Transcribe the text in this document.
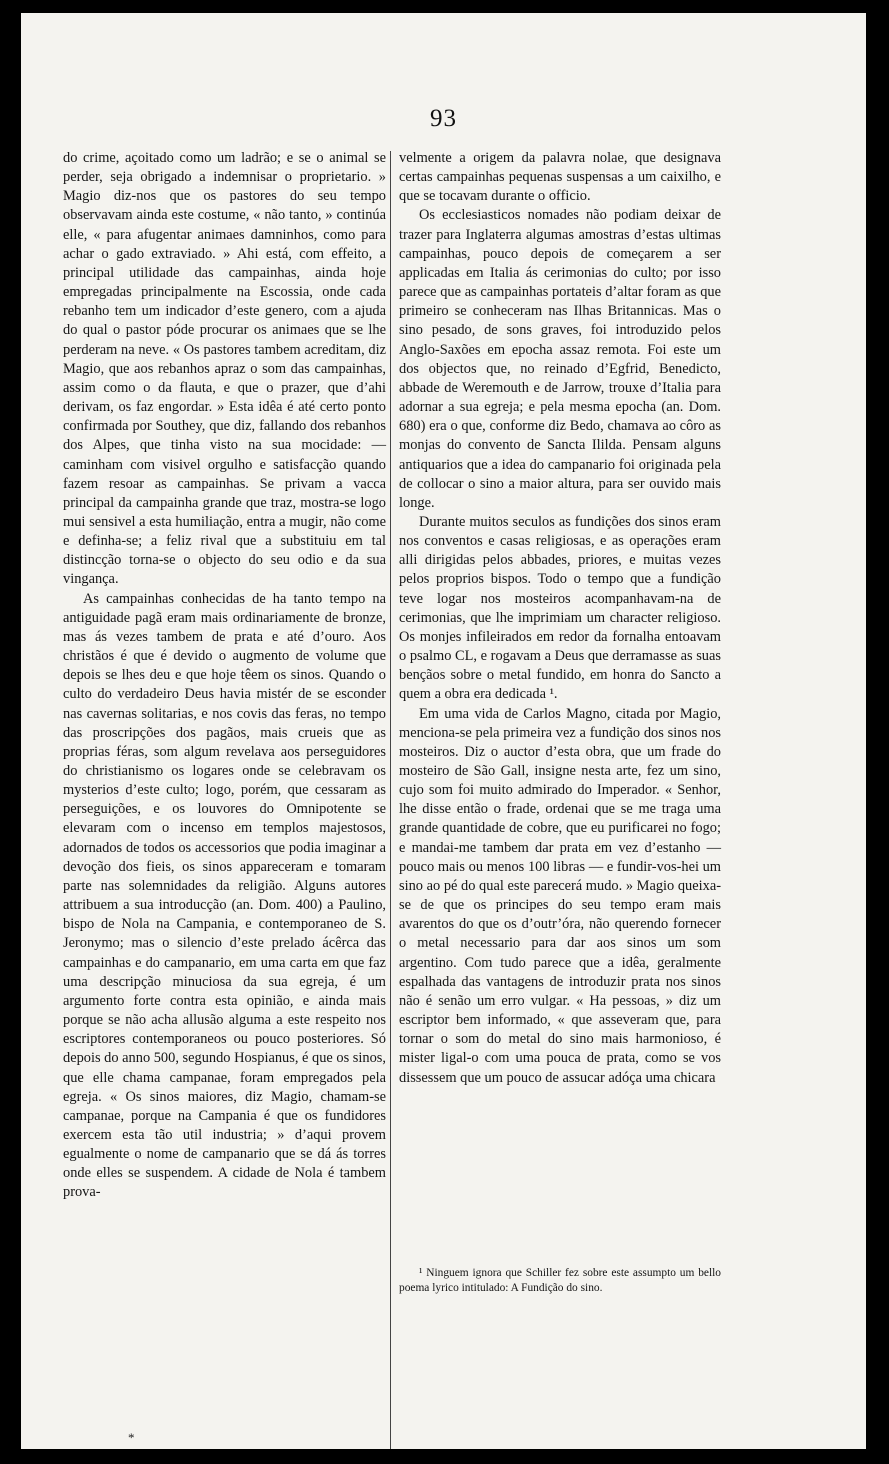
93

do crime, açoitado como um ladrão; e se o animal se perder, seja obrigado a indemnisar o proprietario. » Magio diz-nos que os pastores do seu tempo observavam ainda este costume, « não tanto, » continúa elle, « para afugentar animaes damninhos, como para achar o gado extraviado. » Ahi está, com effeito, a principal utilidade das campainhas, ainda hoje empregadas principalmente na Escossia, onde cada rebanho tem um indicador d’este genero, com a ajuda do qual o pastor póde procurar os animaes que se lhe perderam na neve. « Os pastores tambem acreditam, diz Magio, que aos rebanhos apraz o som das campainhas, assim como o da flauta, e que o prazer, que d’ahi derivam, os faz engordar. » Esta idêa é até certo ponto confirmada por Southey, que diz, fallando dos rebanhos dos Alpes, que tinha visto na sua mocidade: — caminham com visivel orgulho e satisfacção quando fazem resoar as campainhas. Se privam a vacca principal da campainha grande que traz, mostra-se logo mui sensivel a esta humiliação, entra a mugir, não come e definha-se; a feliz rival que a substituiu em tal distincção torna-se o objecto do seu odio e da sua vingança.

As campainhas conhecidas de ha tanto tempo na antiguidade pagã eram mais ordinariamente de bronze, mas ás vezes tambem de prata e até d’ouro. Aos christãos é que é devido o augmento de volume que depois se lhes deu e que hoje têem os sinos. Quando o culto do verdadeiro Deus havia mistér de se esconder nas cavernas solitarias, e nos covis das feras, no tempo das proscripções dos pagãos, mais crueis que as proprias féras, som algum revelava aos perseguidores do christianismo os logares onde se celebravam os mysterios d’este culto; logo, porém, que cessaram as perseguições, e os louvores do Omnipotente se elevaram com o incenso em templos majestosos, adornados de todos os accessorios que podia imaginar a devoção dos fieis, os sinos appareceram e tomaram parte nas solemnidades da religião. Alguns autores attribuem a sua introducção (an. Dom. 400) a Paulino, bispo de Nola na Campania, e contemporaneo de S. Jeronymo; mas o silencio d’este prelado ácêrca das campainhas e do campanario, em uma carta em que faz uma descripção minuciosa da sua egreja, é um argumento forte contra esta opinião, e ainda mais porque se não acha allusão alguma a este respeito nos escriptores contemporaneos ou pouco posteriores. Só depois do anno 500, segundo Hospianus, é que os sinos, que elle chama campanae, foram empregados pela egreja. « Os sinos maiores, diz Magio, chamam-se campanae, porque na Campania é que os fundidores exercem esta tão util industria; » d’aqui provem egualmente o nome de campanario que se dá ás torres onde elles se suspendem. A cidade de Nola é tambem prova-

velmente a origem da palavra nolae, que designava certas campainhas pequenas suspensas a um caixilho, e que se tocavam durante o officio.

Os ecclesiasticos nomades não podiam deixar de trazer para Inglaterra algumas amostras d’estas ultimas campainhas, pouco depois de começarem a ser applicadas em Italia ás cerimonias do culto; por isso parece que as campainhas portateis d’altar foram as que primeiro se conheceram nas Ilhas Britannicas. Mas o sino pesado, de sons graves, foi introduzido pelos Anglo-Saxões em epocha assaz remota. Foi este um dos objectos que, no reinado d’Egfrid, Benedicto, abbade de Weremouth e de Jarrow, trouxe d’Italia para adornar a sua egreja; e pela mesma epocha (an. Dom. 680) era o que, conforme diz Bedo, chamava ao côro as monjas do convento de Sancta Ililda. Pensam alguns antiquarios que a idea do campanario foi originada pela de collocar o sino a maior altura, para ser ouvido mais longe.

Durante muitos seculos as fundições dos sinos eram nos conventos e casas religiosas, e as operações eram alli dirigidas pelos abbades, priores, e muitas vezes pelos proprios bispos. Todo o tempo que a fundição teve logar nos mosteiros acompanhavam-na de cerimonias, que lhe imprimiam um character religioso. Os monjes infileirados em redor da fornalha entoavam o psalmo CL, e rogavam a Deus que derramasse as suas bençãos sobre o metal fundido, em honra do Sancto a quem a obra era dedicada ¹.

Em uma vida de Carlos Magno, citada por Magio, menciona-se pela primeira vez a fundição dos sinos nos mosteiros. Diz o auctor d’esta obra, que um frade do mosteiro de São Gall, insigne nesta arte, fez um sino, cujo som foi muito admirado do Imperador. « Senhor, lhe disse então o frade, ordenai que se me traga uma grande quantidade de cobre, que eu purificarei no fogo; e mandai-me tambem dar prata em vez d’estanho — pouco mais ou menos 100 libras — e fundir-vos-hei um sino ao pé do qual este parecerá mudo. » Magio queixa-se de que os principes do seu tempo eram mais avarentos do que os d’outr’óra, não querendo fornecer o metal necessario para dar aos sinos um som argentino. Com tudo parece que a idêa, geralmente espalhada das vantagens de introduzir prata nos sinos não é senão um erro vulgar. « Ha pessoas, » diz um escriptor bem informado, « que asseveram que, para tornar o som do metal do sino mais harmonioso, é mister ligal-o com uma pouca de prata, como se vos dissessem que um pouco de assucar adóça uma chicara

¹ Ninguem ignora que Schiller fez sobre este assumpto um bello poema lyrico intitulado: A Fundição do sino.

*
